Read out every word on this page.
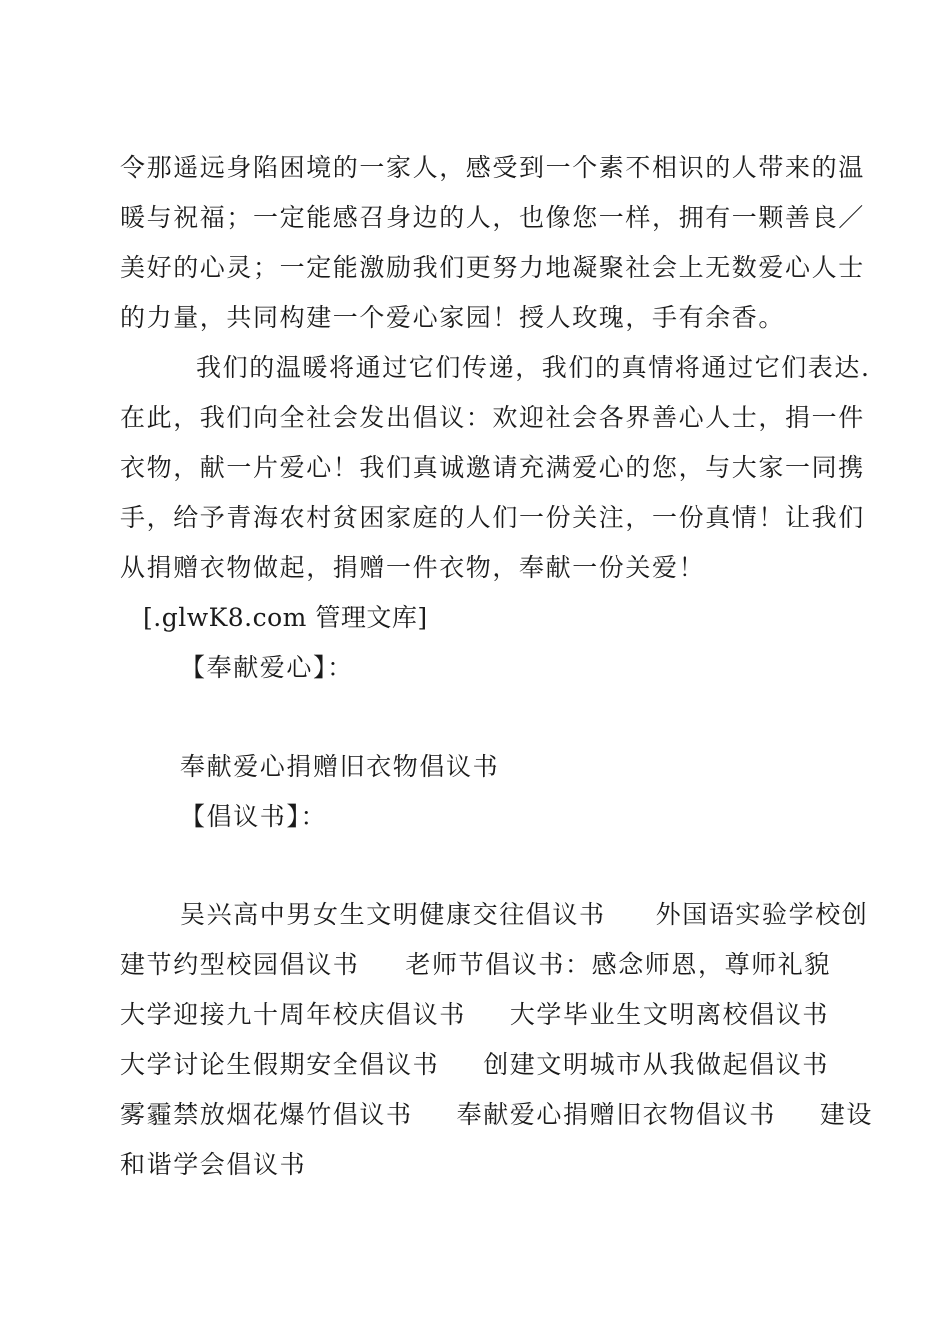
令那遥远身陷困境的一家人，感受到一个素不相识的人带来的温
暖与祝福；一定能感召身边的人，也像您一样，拥有一颗善良／
美好的心灵；一定能激励我们更努力地凝聚社会上无数爱心人士
的力量，共同构建一个爱心家园！授人玫瑰，手有余香。
我们的温暖将通过它们传递，我们的真情将通过它们表达.
在此，我们向全社会发出倡议：欢迎社会各界善心人士，捐一件
衣物，献一片爱心！我们真诚邀请充满爱心的您，与大家一同携
手，给予青海农村贫困家庭的人们一份关注，一份真情！让我们
从捐赠衣物做起，捐赠一件衣物，奉献一份关爱！
[.glwK8.com 管理文库]
【奉献爱心】：
奉献爱心捐赠旧衣物倡议书
【倡议书】：
吴兴高中男女生文明健康交往倡议书 外国语实验学校创
建节约型校园倡议书 老师节倡议书：感念师恩，尊师礼貌
大学迎接九十周年校庆倡议书 大学毕业生文明离校倡议书
大学讨论生假期安全倡议书 创建文明城市从我做起倡议书
雾霾禁放烟花爆竹倡议书 奉献爱心捐赠旧衣物倡议书 建设
和谐学会倡议书
